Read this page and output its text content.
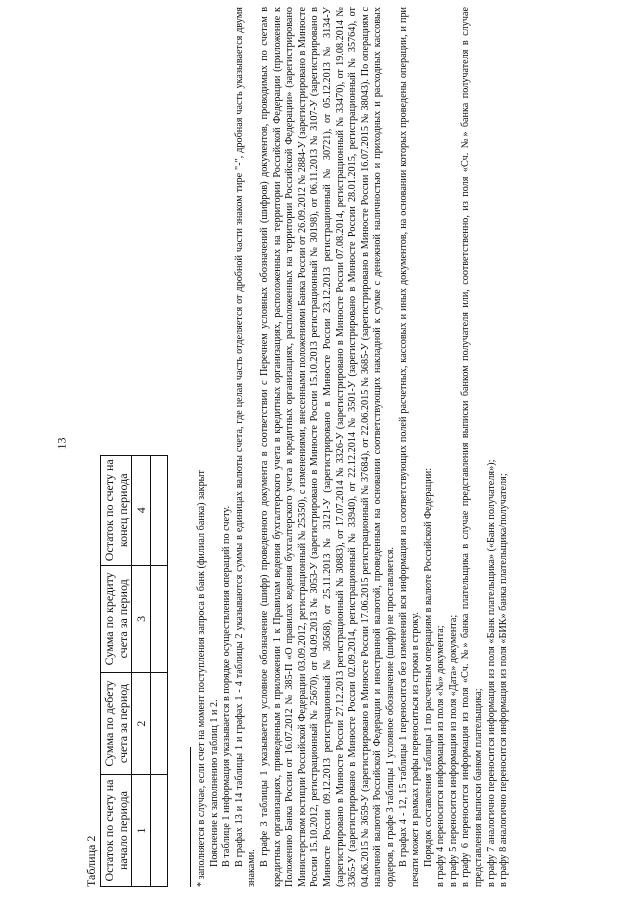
13
Таблица 2 Остаток по счету на начало периода	Сумма по дебету счета за период	Сумма по кредиту счета за период	Остаток по счету на конец периода
1	2	3	4
				* заполняется в случае, если счет на момент поступления запроса в банк (филиал банка) закрыт Пояснение к заполнению таблиц 1 и 2. В таблице 1 информация указывается в порядке осуществления операций по счету. В графах 13 и 14 таблицы 1 и графах 1 - 4 таблицы 2 указываются суммы в единицах валюты счета, где целая часть отделяется от дробной части знаком тире "-", дробная часть указывается двумя знаками.

В графе 3 таблицы 1 указывается условное обозначение (шифр) проведенного документа в соответствии с Перечнем условных обозначений (шифров) документов, проводимых по счетам в кредитных организациях, приведенным в приложении 1 к Правилам ведения бухгалтерского учета в кредитных организациях, расположенных на территории Российской Федерации (приложение к Положению Банка России от 16.07.2012 № 385-П «О правилах ведения бухгалтерского учета в кредитных организациях, расположенных на территории Российской Федерации» (зарегистрировано Министерством юстиции Российской Федерации 03.09.2012, регистрационный № 25350), с изменениями, внесенными положениями Банка России от 26.09.2012 № 2884-У (зарегистрировано в Минюсте России 15.10.2012, регистрационный № 25670), от 04.09.2013 № 3053-У (зарегистрировано в Минюсте России 15.10.2013 регистрационный № 30198), от 06.11.2013 № 3107-У (зарегистрировано в Минюсте России 09.12.2013 регистрационный № 30568), от 25.11.2013 № 3121-У (зарегистрировано в Минюсте России 23.12.2013 регистрационный № 30721), от 05.12.2013 № 3134-У (зарегистрировано в Минюсте России 27.12.2013 регистрационный № 30883), от 17.07.2014 № 3326-У (зарегистрировано в Минюсте России 07.08.2014, регистрационный № 33470), от 19.08.2014 № 3365-У (зарегистрировано в Минюсте России 02.09.2014, регистрационный № 33940), от 22.12.2014 № 3501-У (зарегистрировано в Минюсте России 28.01.2015, регистрационный № 35764), от 04.06.2015 № 3659-У (зарегистрировано в Минюсте России 17.06.2015 регистрационный № 37684), от 22.06.2015 № 3685-У (зарегистрировано в Минюсте России 16.07.2015 № 38043). По операциям с наличной валютой Российской Федерации и иностранной валютой, проведенным на основании соответствующих накладной к сумке с денежной наличностью и приходных и расходных кассовых ордеров, в графе 3 таблицы 1 условное обозначение (шифр) не проставляется. В графах 4 - 12, 15 таблицы 1 переносится без изменений вся информация из соответствующих полей расчетных, кассовых и иных документов, на основании которых проведены операции, и при печати может в рамках графы переноситься из строки в строку. Порядок составления таблицы 1 по расчетным операциям в валюте Российской Федерации: в графу 4 переносится информация из поля «№» документа; в графу 5 переносится информация из поля «Дата» документа; в графу 6 переносится информация из поля «Сч. №» банка плательщика в случае представления выписки банком получателя или, соответственно, из поля «Сч. №» банка получателя в случае представления выписки банком плательщика; в графу 7 аналогично переносится информация из поля «Банк плательщика» («Банк получателя»); в графу 8 аналогично переносится информация из поля «БИК» банка плательщика/получателя;
